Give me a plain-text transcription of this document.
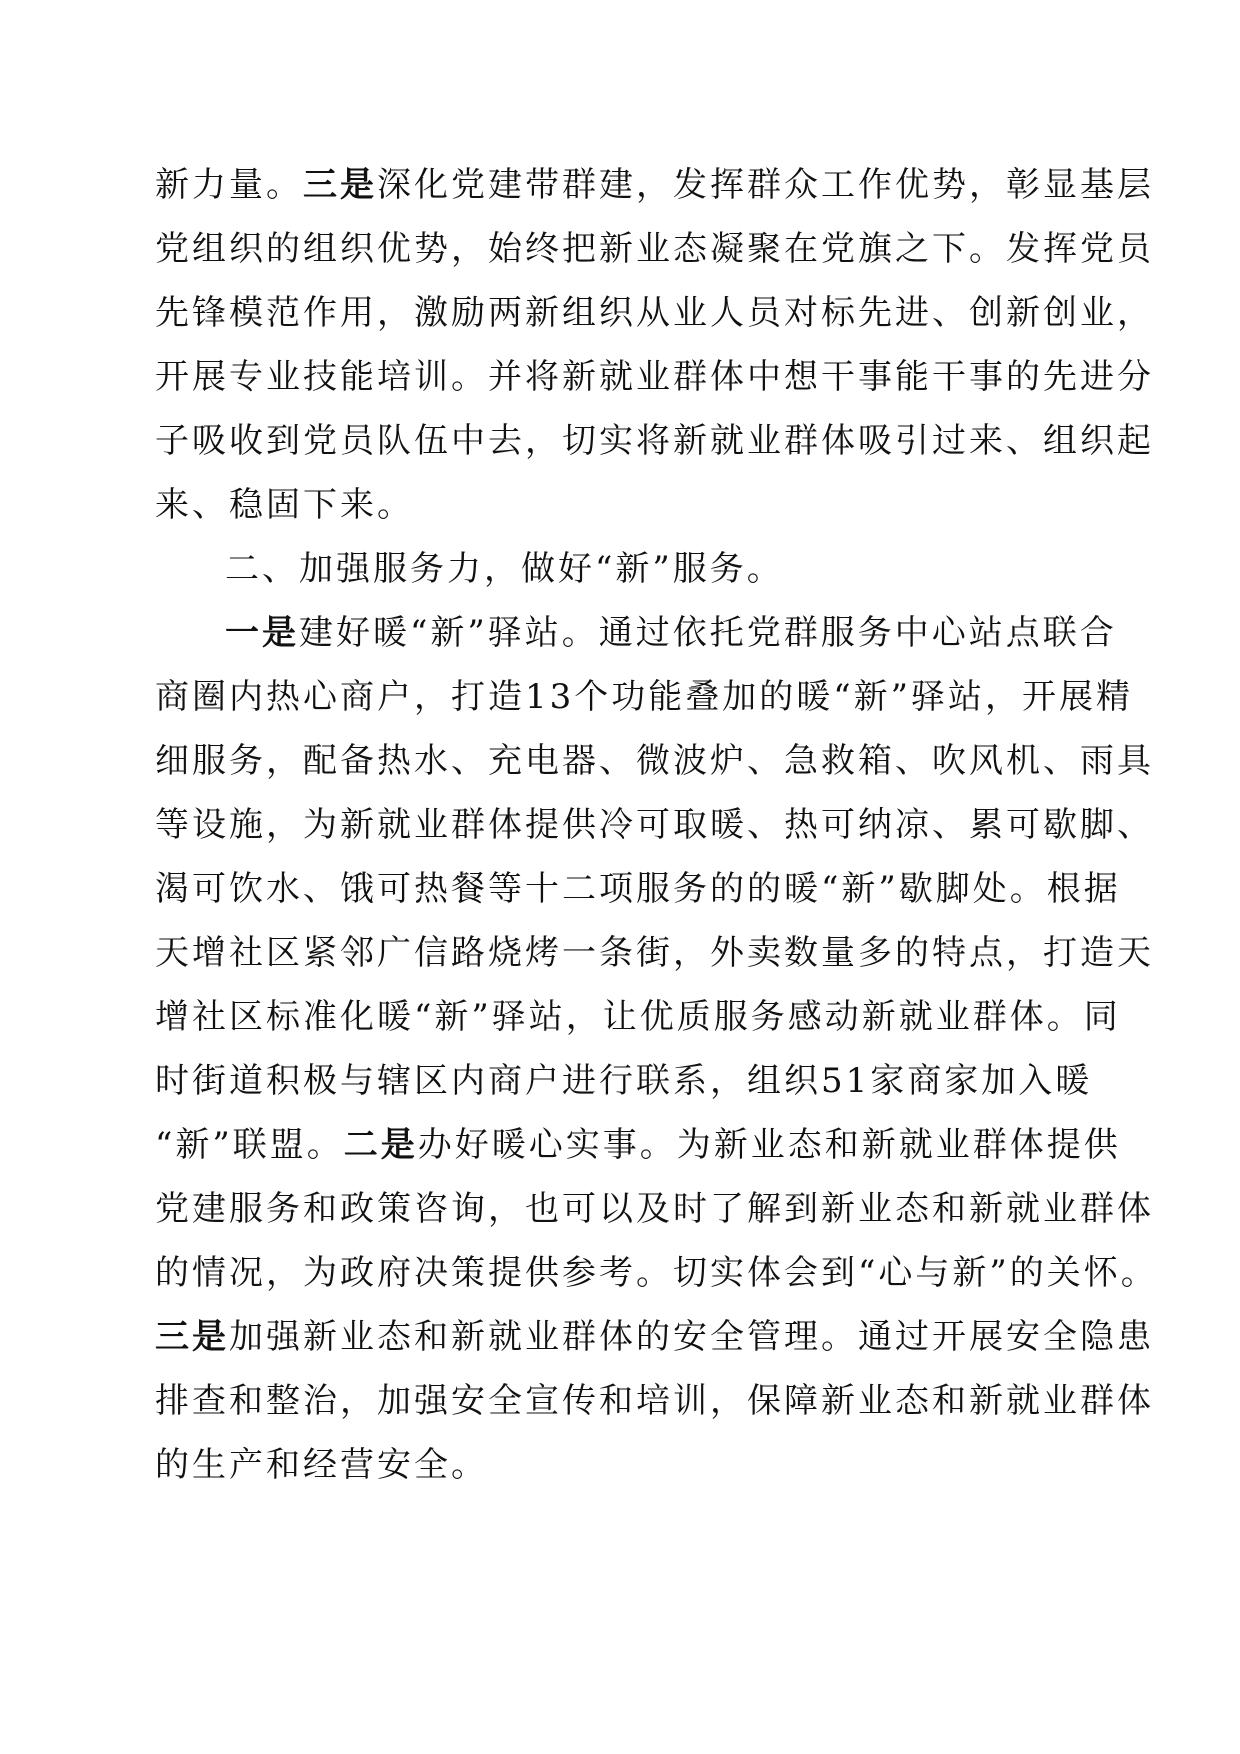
新力量。三是深化党建带群建，发挥群众工作优势，彰显基层
党组织的组织优势，始终把新业态凝聚在党旗之下。发挥党员
先锋模范作用，激励两新组织从业人员对标先进、创新创业，
开展专业技能培训。并将新就业群体中想干事能干事的先进分
子吸收到党员队伍中去，切实将新就业群体吸引过来、组织起
来、稳固下来。
二、加强服务力，做好“新”服务。
一是建好暖“新”驿站。通过依托党群服务中心站点联合
商圈内热心商户，打造13个功能叠加的暖“新”驿站，开展精
细服务，配备热水、充电器、微波炉、急救箱、吹风机、雨具
等设施，为新就业群体提供冷可取暖、热可纳凉、累可歇脚、
渴可饮水、饿可热餐等十二项服务的的暖“新”歇脚处。根据
天增社区紧邻广信路烧烤一条街，外卖数量多的特点，打造天
增社区标准化暖“新”驿站，让优质服务感动新就业群体。同
时街道积极与辖区内商户进行联系，组织51家商家加入暖
“新”联盟。二是办好暖心实事。为新业态和新就业群体提供
党建服务和政策咨询，也可以及时了解到新业态和新就业群体
的情况，为政府决策提供参考。切实体会到“心与新”的关怀。
三是加强新业态和新就业群体的安全管理。通过开展安全隐患
排查和整治，加强安全宣传和培训，保障新业态和新就业群体
的生产和经营安全。
